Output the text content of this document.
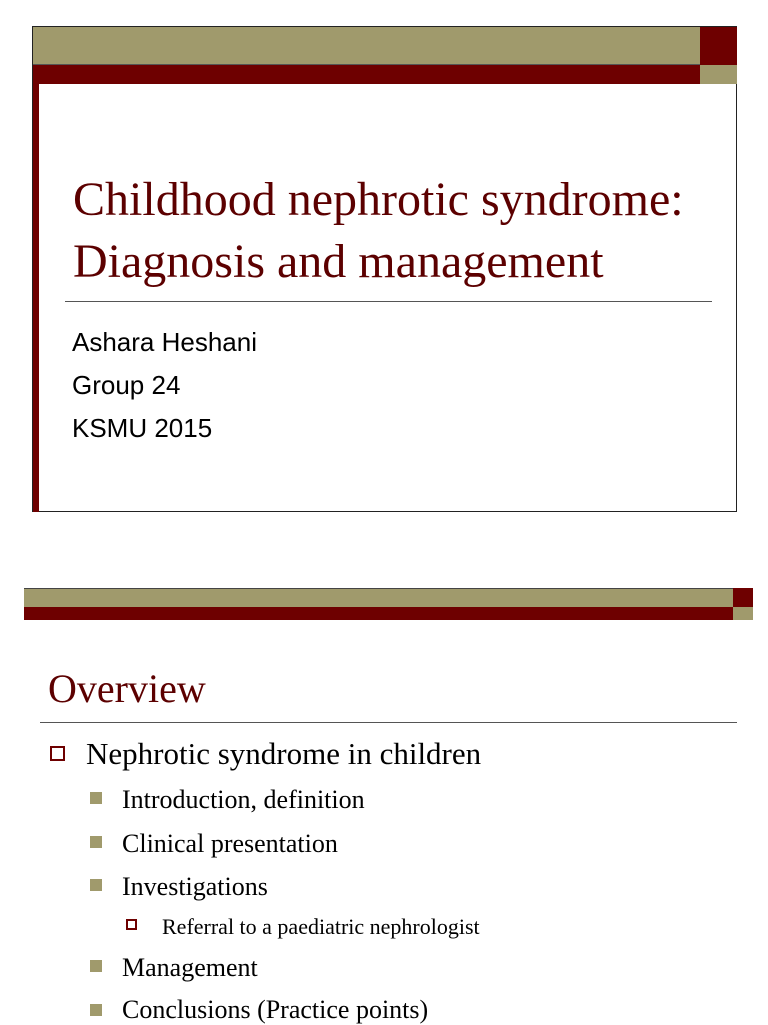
Childhood nephrotic syndrome:
Diagnosis and management
Ashara Heshani
Group 24
KSMU 2015
Overview
Nephrotic syndrome in children
Introduction, definition
Clinical presentation
Investigations
Referral to a paediatric nephrologist
Management
Conclusions (Practice points)
